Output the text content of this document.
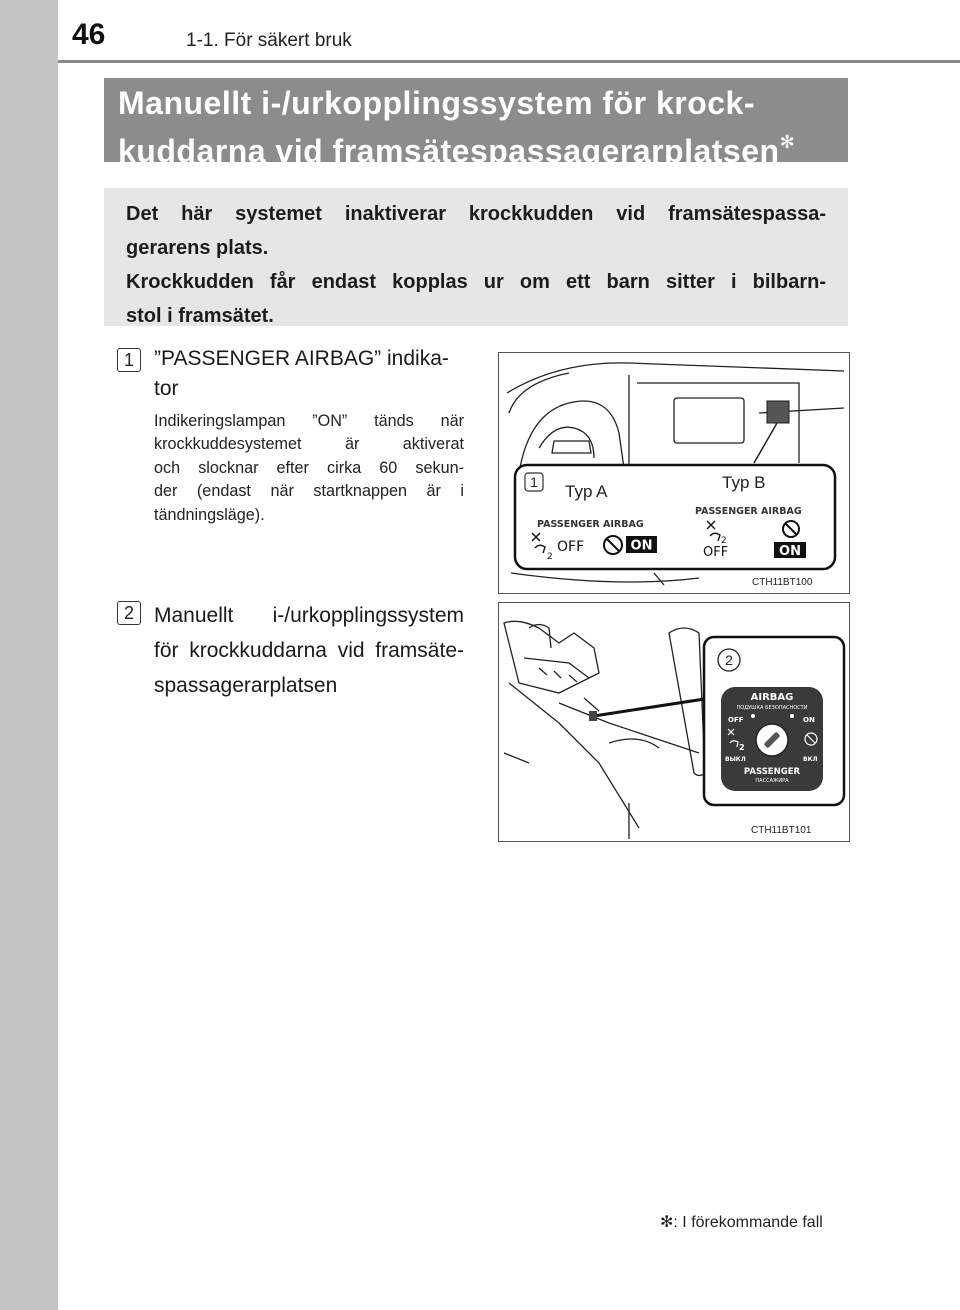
46	1-1. För säkert bruk
Manuellt i-/urkopplingssystem för krock-
kuddarna vid framsätespassagerarplatsen✻

Det här systemet inaktiverar krockkudden vid framsätespassa-

gerarens plats.

Krockkudden får endast kopplas ur om ett barn sitter i bilbarn-

stol i framsätet.

1 ”PASSENGER AIRBAG” indika-
tor
Indikeringslampan ”ON” tänds när
krockkuddesystemet är aktiverat
och slocknar efter cirka 60 sekun-
der (endast när startknappen är i
tändningsläge).
2 Manuellt i-/urkopplingssystem
för krockkuddarna vid framsäte-
spassagerarplatsen
1 Typ A	Typ B
PASSENGER AIRBAG
PASSENGER AIRBAG
2
OFF	ON	2
OFF	ON
CTH11BT100
2
AIRBAG
ПОДУШКА БЕЗОПАСНОСТИ
OFF	ON
2
ВЫКЛ	ВКЛ
PASSENGER
ПАССАЖИРА
CTH11BT101
✻: I förekommande fall
